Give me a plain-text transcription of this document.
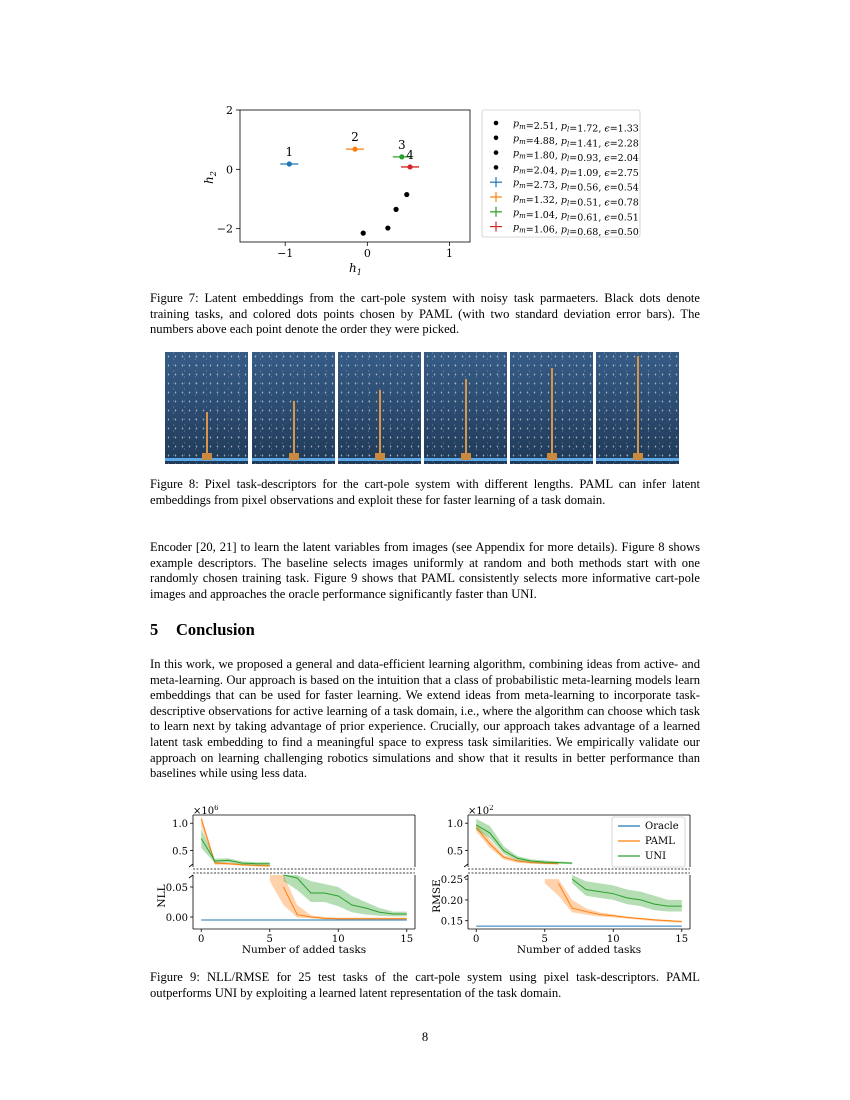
−1	0	1
−2
0
2
$h_1$
$h_2$
1
2
3
4
$p_m=2.51$, $p_l=1.72$, ϵ=1.33
$p_m=4.88$, $p_l=1.41$, ϵ=2.28
$p_m=1.80$, $p_l=0.93$, ϵ=2.04
$p_m=2.04$, $p_l=1.09$, ϵ=2.75
$p_m=2.73$, $p_l=0.56$, ϵ=0.54
$p_m=1.32$, $p_l=0.51$, ϵ=0.78
$p_m=1.04$, $p_l=0.61$, ϵ=0.51
$p_m=1.06$, $p_l=0.68$, ϵ=0.50
Figure 7: Latent embeddings from the cart-pole system with noisy task parmaeters. Black dots denote training tasks, and colored dots points chosen by PAML (with two standard deviation error bars). The numbers above each point denote the order they were picked.
Figure 8: Pixel task-descriptors for the cart-pole system with different lengths. PAML can infer latent embeddings from pixel observations and exploit these for faster learning of a task domain.
Encoder [20, 21] to learn the latent variables from images (see Appendix for more details). Figure 8 shows example descriptors. The baseline selects images uniformly at random and both methods start with one randomly chosen training task. Figure 9 shows that PAML consistently selects more informative cart-pole images and approaches the oracle performance significantly faster than UNI.
5 Conclusion
In this work, we proposed a general and data-efficient learning algorithm, combining ideas from active- and meta-learning. Our approach is based on the intuition that a class of probabilistic meta-learning models learn embeddings that can be used for faster learning. We extend ideas from meta-learning to incorporate task-descriptive observations for active learning of a task domain, i.e., where the algorithm can choose which task to learn next by taking advantage of prior experience. Crucially, our approach takes advantage of a learned latent task embedding to find a meaningful space to express task similarities. We empirically validate our approach on learning challenging robotics simulations and show that it results in better performance than baselines while using less data.
1.0
0.5
0.05
0.00
0	5	10	15
$\times 10^6$
Number of added tasks
NLL
1.0
0.5
0.25
0.20
0.15
0	5	10	15
$\times 10^2$
Number of added tasks
RMSE
Oracle
PAML
UNI
Figure 9: NLL/RMSE for 25 test tasks of the cart-pole system using pixel task-descriptors. PAML outperforms UNI by exploiting a learned latent representation of the task domain.
8
